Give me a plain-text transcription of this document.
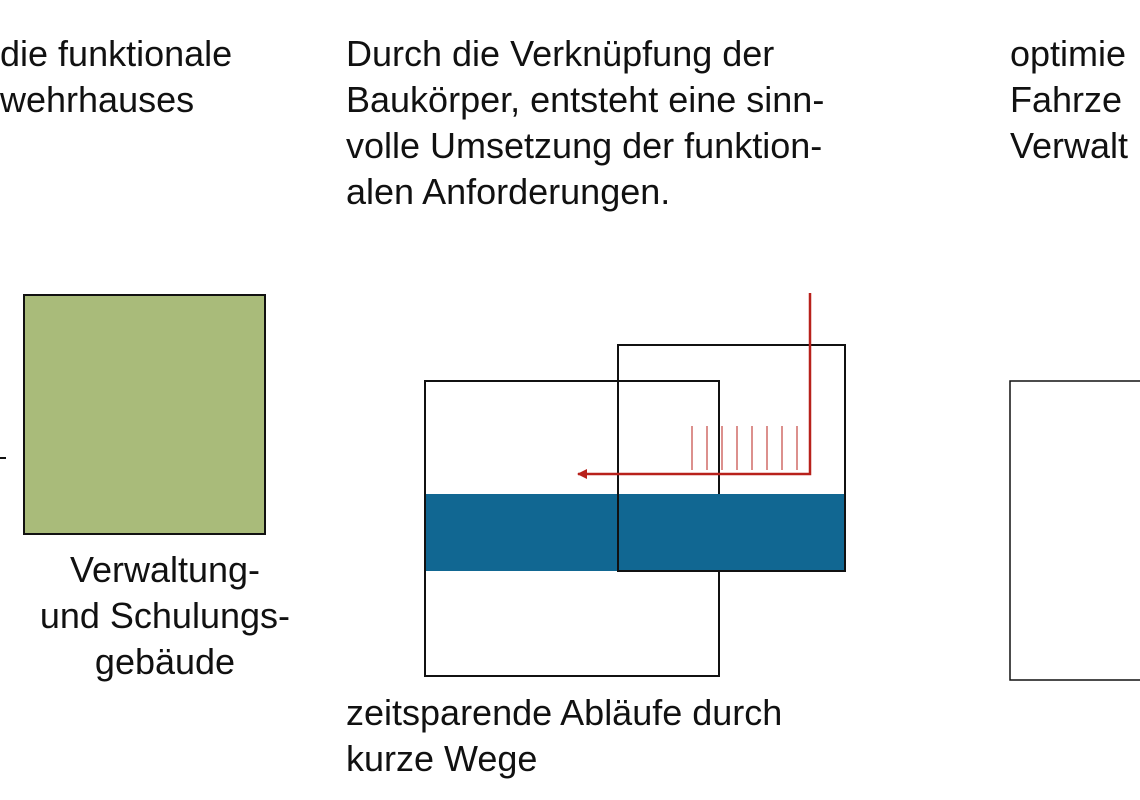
die funktionale
wehrhauses
Durch die Verknüpfung der
Baukörper, entsteht eine sinn-
volle Umsetzung der funktion-
alen Anforderungen.
optimie
Fahrze
Verwalt
Verwaltung-
und Schulungs-
gebäude
zeitsparende Abläufe durch
kurze Wege
